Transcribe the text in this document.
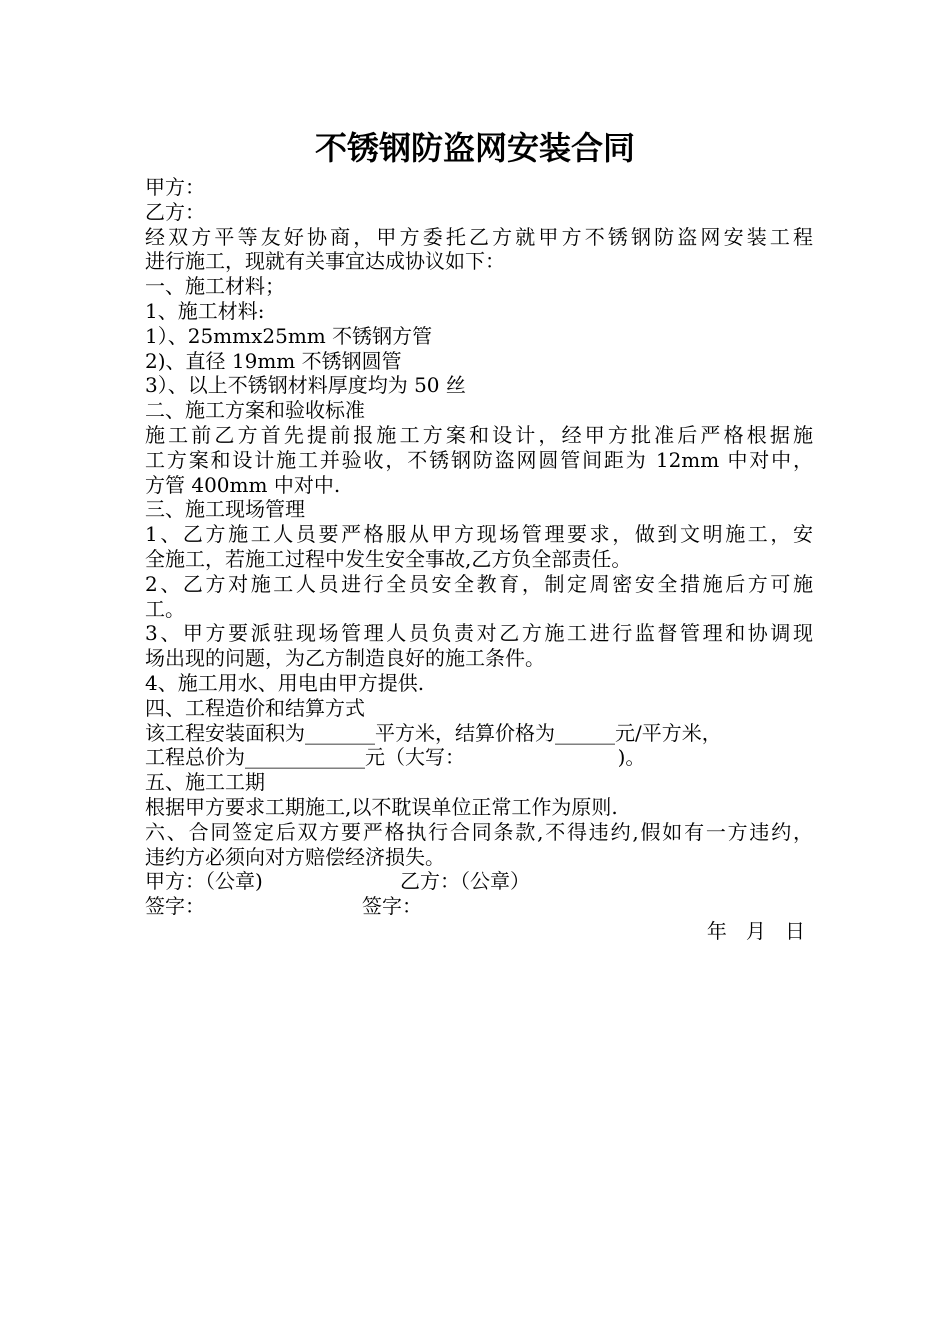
不锈钢防盗网安装合同
甲方：
乙方：
经双方平等友好协商，甲方委托乙方就甲方不锈钢防盗网安装工程
进行施工，现就有关事宜达成协议如下：
一、施工材料；
1、施工材料:
1）、25mmx25mm 不锈钢方管
2)、直径 19mm 不锈钢圆管
3）、以上不锈钢材料厚度均为 50 丝
二、施工方案和验收标准
施工前乙方首先提前报施工方案和设计，经甲方批准后严格根据施
工方案和设计施工并验收，不锈钢防盗网圆管间距为 12mm 中对中，
方管 400mm 中对中.
三、施工现场管理
1、乙方施工人员要严格服从甲方现场管理要求，做到文明施工，安
全施工，若施工过程中发生安全事故,乙方负全部责任。
2、乙方对施工人员进行全员安全教育，制定周密安全措施后方可施
工。
3、甲方要派驻现场管理人员负责对乙方施工进行监督管理和协调现
场出现的问题，为乙方制造良好的施工条件。
4、施工用水、用电由甲方提供.
四、工程造价和结算方式
该工程安装面积为_______平方米，结算价格为______元/平方米，
工程总价为____________元（大写：                        )。
五、施工工期
根据甲方要求工期施工,以不耽误单位正常工作为原则.
六、合同签定后双方要严格执行合同条款,不得违约,假如有一方违约，
违约方必须向对方赔偿经济损失。
甲方：（公章)	乙方：（公章）
签字：	签字：
年   月   日
